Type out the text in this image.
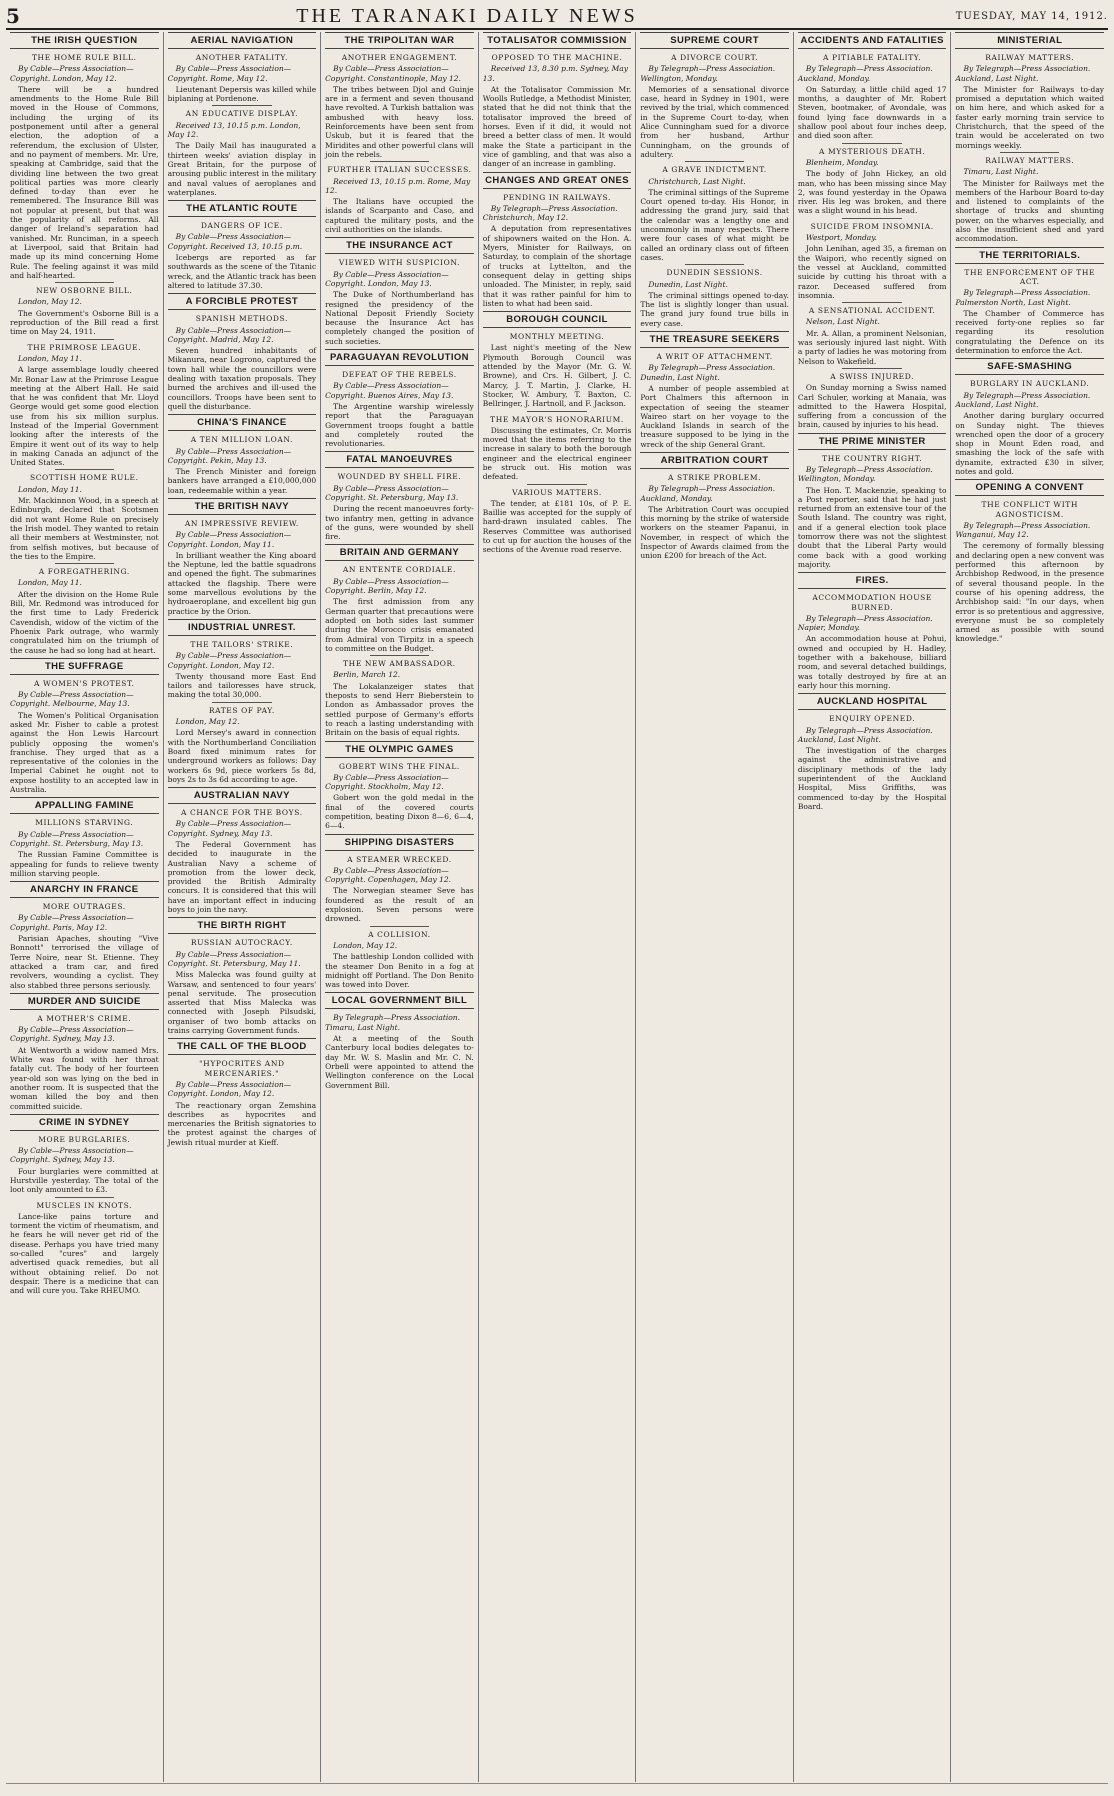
5	THE TARANAKI DAILY NEWS	TUESDAY, MAY 14, 1912.
THE IRISH QUESTION
THE HOME RULE BILL.

By Cable—Press Association—Copyright. London, May 12.

There will be a hundred amendments to the Home Rule Bill moved in the House of Commons, including the urging of its postponement until after a general election, the adoption of a referendum, the exclusion of Ulster, and no payment of members. Mr. Ure, speaking at Cambridge, said that the dividing line between the two great political parties was more clearly defined to-day than ever he remembered. The Insurance Bill was not popular at present, but that was the popularity of all reforms. All danger of Ireland's separation had vanished. Mr. Runciman, in a speech at Liverpool, said that Britain had made up its mind concerning Home Rule. The feeling against it was mild and half-hearted.

NEW OSBORNE BILL.

London, May 12.

The Government's Osborne Bill is a reproduction of the Bill read a first time on May 24, 1911.

THE PRIMROSE LEAGUE.

London, May 11.

A large assemblage loudly cheered Mr. Bonar Law at the Primrose League meeting at the Albert Hall. He said that he was confident that Mr. Lloyd George would get some good election use from his six million surplus. Instead of the Imperial Government looking after the interests of the Empire it went out of its way to help in making Canada an adjunct of the United States.

SCOTTISH HOME RULE.

London, May 11.

Mr. Mackinnon Wood, in a speech at Edinburgh, declared that Scotsmen did not want Home Rule on precisely the Irish model. They wanted to retain all their members at Westminster, not from selfish motives, but because of the ties to the Empire.

A FOREGATHERING.

London, May 11.

After the division on the Home Rule Bill, Mr. Redmond was introduced for the first time to Lady Frederick Cavendish, widow of the victim of the Phoenix Park outrage, who warmly congratulated him on the triumph of the cause he had so long had at heart.

THE SUFFRAGE
A WOMEN'S PROTEST.

By Cable—Press Association—Copyright. Melbourne, May 13.

The Women's Political Organisation asked Mr. Fisher to cable a protest against the Hon Lewis Harcourt publicly opposing the women's franchise. They urged that as a representative of the colonies in the Imperial Cabinet he ought not to expose hostility to an accepted law in Australia.

APPALLING FAMINE
MILLIONS STARVING.

By Cable—Press Association—Copyright. St. Petersburg, May 13.

The Russian Famine Committee is appealing for funds to relieve twenty million starving people.

ANARCHY IN FRANCE
MORE OUTRAGES.

By Cable—Press Association—Copyright. Paris, May 12.

Parisian Apaches, shouting "Vive Bonnott" terrorised the village of Terre Noire, near St. Etienne. They attacked a tram car, and fired revolvers, wounding a cyclist. They also stabbed three persons seriously.

MURDER AND SUICIDE
A MOTHER'S CRIME.

By Cable—Press Association—Copyright. Sydney, May 13.

At Wentworth a widow named Mrs. White was found with her throat fatally cut. The body of her fourteen year-old son was lying on the bed in another room. It is suspected that the woman killed the boy and then committed suicide.

CRIME IN SYDNEY
MORE BURGLARIES.

By Cable—Press Association—Copyright. Sydney, May 13.

Four burglaries were committed at Hurstville yesterday. The total of the loot only amounted to £3.

MUSCLES IN KNOTS.

Lance-like pains torture and torment the victim of rheumatism, and he fears he will never get rid of the disease. Perhaps you have tried many so-called "cures" and largely advertised quack remedies, but all without obtaining relief. Do not despair. There is a medicine that can and will cure you. Take RHEUMO.

AERIAL NAVIGATION
ANOTHER FATALITY.

By Cable—Press Association—Copyright. Rome, May 12.

Lieutenant Depersis was killed while biplaning at Pordenone.

AN EDUCATIVE DISPLAY.

Received 13, 10.15 p.m. London, May 12.

The Daily Mail has inaugurated a thirteen weeks' aviation display in Great Britain, for the purpose of arousing public interest in the military and naval values of aeroplanes and waterplanes.

THE ATLANTIC ROUTE
DANGERS OF ICE.

By Cable—Press Association—Copyright. Received 13, 10.15 p.m.

Icebergs are reported as far southwards as the scene of the Titanic wreck, and the Atlantic track has been altered to latitude 37.30.

A FORCIBLE PROTEST
SPANISH METHODS.

By Cable—Press Association—Copyright. Madrid, May 12.

Seven hundred inhabitants of Mikanura, near Logrono, captured the town hall while the councillors were dealing with taxation proposals. They burned the archives and ill-used the councillors. Troops have been sent to quell the disturbance.

CHINA'S FINANCE
A TEN MILLION LOAN.

By Cable—Press Association—Copyright. Pekin, May 13.

The French Minister and foreign bankers have arranged a £10,000,000 loan, redeemable within a year.

THE BRITISH NAVY
AN IMPRESSIVE REVIEW.

By Cable—Press Association—Copyright. London, May 11.

In brilliant weather the King aboard the Neptune, led the battle squadrons and opened the fight. The submarines attacked the flagship. There were some marvellous evolutions by the hydroaeroplane, and excellent big gun practice by the Orion.

INDUSTRIAL UNREST.
THE TAILORS' STRIKE.

By Cable—Press Association—Copyright. London, May 12.

Twenty thousand more East End tailors and tailoresses have struck, making the total 30,000.

RATES OF PAY.

London, May 12.

Lord Mersey's award in connection with the Northumberland Conciliation Board fixed minimum rates for underground workers as follows: Day workers 6s 9d, piece workers 5s 8d, boys 2s to 3s 6d according to age.

AUSTRALIAN NAVY
A CHANCE FOR THE BOYS.

By Cable—Press Association—Copyright. Sydney, May 13.

The Federal Government has decided to inaugurate in the Australian Navy a scheme of promotion from the lower deck, provided the British Admiralty concurs. It is considered that this will have an important effect in inducing boys to join the navy.

THE BIRTH RIGHT
RUSSIAN AUTOCRACY.

By Cable—Press Association—Copyright. St. Petersburg, May 11.

Miss Malecka was found guilty at Warsaw, and sentenced to four years' penal servitude. The prosecution asserted that Miss Malecka was connected with Joseph Pilsudski, organiser of two bomb attacks on trains carrying Government funds.

THE CALL OF THE BLOOD
"HYPOCRITES AND MERCENARIES."

By Cable—Press Association—Copyright. London, May 12.

The reactionary organ Zemshina describes as hypocrites and mercenaries the British signatories to the protest against the charges of Jewish ritual murder at Kieff.

THE TRIPOLITAN WAR
ANOTHER ENGAGEMENT.

By Cable—Press Association—Copyright. Constantinople, May 12.

The tribes between Djol and Guinje are in a ferment and seven thousand have revolted. A Turkish battalion was ambushed with heavy loss. Reinforcements have been sent from Uskub, but it is feared that the Miridites and other powerful clans will join the rebels.

FURTHER ITALIAN SUCCESSES.

Received 13, 10.15 p.m. Rome, May 12.

The Italians have occupied the islands of Scarpanto and Caso, and captured the military posts, and the civil authorities on the islands.

THE INSURANCE ACT
VIEWED WITH SUSPICION.

By Cable—Press Association—Copyright. London, May 13.

The Duke of Northumberland has resigned the presidency of the National Deposit Friendly Society because the Insurance Act has completely changed the position of such societies.

PARAGUAYAN REVOLUTION
DEFEAT OF THE REBELS.

By Cable—Press Association—Copyright. Buenos Aires, May 13.

The Argentine warship wirelessly report that the Paraguayan Government troops fought a battle and completely routed the revolutionaries.

FATAL MANOEUVRES
WOUNDED BY SHELL FIRE.

By Cable—Press Association—Copyright. St. Petersburg, May 13.

During the recent manoeuvres forty-two infantry men, getting in advance of the guns, were wounded by shell fire.

BRITAIN AND GERMANY
AN ENTENTE CORDIALE.

By Cable—Press Association—Copyright. Berlin, May 12.

The first admission from any German quarter that precautions were adopted on both sides last summer during the Morocco crisis emanated from Admiral von Tirpitz in a speech to committee on the Budget.

THE NEW AMBASSADOR.

Berlin, March 12.

The Lokalanzeiger states that theposts to send Herr Bieberstein to London as Ambassador proves the settled purpose of Germany's efforts to reach a lasting understanding with Britain on the basis of equal rights.

THE OLYMPIC GAMES
GOBERT WINS THE FINAL.

By Cable—Press Association—Copyright. Stockholm, May 12.

Gobert won the gold medal in the final of the covered courts competition, beating Dixon 8—6, 6—4, 6—4.

SHIPPING DISASTERS
A STEAMER WRECKED.

By Cable—Press Association—Copyright. Copenhagen, May 12.

The Norwegian steamer Seve has foundered as the result of an explosion. Seven persons were drowned.

A COLLISION.

London, May 12.

The battleship London collided with the steamer Don Benito in a fog at midnight off Portland. The Don Benito was towed into Dover.

LOCAL GOVERNMENT BILL

By Telegraph—Press Association. Timaru, Last Night.

At a meeting of the South Canterbury local bodies delegates to-day Mr. W. S. Maslin and Mr. C. N. Orbell were appointed to attend the Wellington conference on the Local Government Bill.

TOTALISATOR COMMISSION
OPPOSED TO THE MACHINE.

Received 13, 8.30 p.m. Sydney, May 13.

At the Totalisator Commission Mr. Woolls Rutledge, a Methodist Minister, stated that he did not think that the totalisator improved the breed of horses. Even if it did, it would not breed a better class of men. It would make the State a participant in the vice of gambling, and that was also a danger of an increase in gambling.

CHANGES AND GREAT ONES
PENDING IN RAILWAYS.

By Telegraph—Press Association. Christchurch, May 12.

A deputation from representatives of shipowners waited on the Hon. A. Myers, Minister for Railways, on Saturday, to complain of the shortage of trucks at Lyttelton, and the consequent delay in getting ships unloaded. The Minister, in reply, said that it was rather painful for him to listen to what had been said.

BOROUGH COUNCIL
MONTHLY MEETING.

Last night's meeting of the New Plymouth Borough Council was attended by the Mayor (Mr. G. W. Browne), and Crs. H. Gilbert, J. C. Marcy, J. T. Martin, J. Clarke, H. Stocker, W. Ambury, T. Baxton, C. Bellringer, J. Hartnoll, and F. Jackson.

THE MAYOR'S HONORARIUM.

Discussing the estimates, Cr. Morris moved that the items referring to the increase in salary to both the borough engineer and the electrical engineer be struck out. His motion was defeated.

VARIOUS MATTERS.

The tender, at £181 10s, of P. E. Baillie was accepted for the supply of hard-drawn insulated cables. The Reserves Committee was authorised to cut up for auction the houses of the sections of the Avenue road reserve.

SUPREME COURT
A DIVORCE COURT.

By Telegraph—Press Association. Wellington, Monday.

Memories of a sensational divorce case, heard in Sydney in 1901, were revived by the trial, which commenced in the Supreme Court to-day, when Alice Cunningham sued for a divorce from her husband, Arthur Cunningham, on the grounds of adultery.

A GRAVE INDICTMENT.

Christchurch, Last Night.

The criminal sittings of the Supreme Court opened to-day. His Honor, in addressing the grand jury, said that the calendar was a lengthy one and uncommonly in many respects. There were four cases of what might be called an ordinary class out of fifteen cases.

DUNEDIN SESSIONS.

Dunedin, Last Night.

The criminal sittings opened to-day. The list is slightly longer than usual. The grand jury found true bills in every case.

THE TREASURE SEEKERS
A WRIT OF ATTACHMENT.

By Telegraph—Press Association. Dunedin, Last Night.

A number of people assembled at Port Chalmers this afternoon in expectation of seeing the steamer Waireo start on her voyage to the Auckland Islands in search of the treasure supposed to be lying in the wreck of the ship General Grant.

ARBITRATION COURT
A STRIKE PROBLEM.

By Telegraph—Press Association. Auckland, Monday.

The Arbitration Court was occupied this morning by the strike of waterside workers on the steamer Papanui, in November, in respect of which the Inspector of Awards claimed from the union £200 for breach of the Act.

ACCIDENTS AND FATALITIES
A PITIABLE FATALITY.

By Telegraph—Press Association. Auckland, Monday.

On Saturday, a little child aged 17 months, a daughter of Mr. Robert Steven, bootmaker, of Avondale, was found lying face downwards in a shallow pool about four inches deep, and died soon after.

A MYSTERIOUS DEATH.

Blenheim, Monday.

The body of John Hickey, an old man, who has been missing since May 2, was found yesterday in the Opawa river. His leg was broken, and there was a slight wound in his head.

SUICIDE FROM INSOMNIA.

Westport, Monday.

John Lenihan, aged 35, a fireman on the Waipori, who recently signed on the vessel at Auckland, committed suicide by cutting his throat with a razor. Deceased suffered from insomnia.

A SENSATIONAL ACCIDENT.

Nelson, Last Night.

Mr. A. Allan, a prominent Nelsonian, was seriously injured last night. With a party of ladies he was motoring from Nelson to Wakefield.

A SWISS INJURED.

On Sunday morning a Swiss named Carl Schuler, working at Manaia, was admitted to the Hawera Hospital, suffering from a concussion of the brain, caused by injuries to his head.

THE PRIME MINISTER
THE COUNTRY RIGHT.

By Telegraph—Press Association. Wellington, Monday.

The Hon. T. Mackenzie, speaking to a Post reporter, said that he had just returned from an extensive tour of the South Island. The country was right, and if a general election took place tomorrow there was not the slightest doubt that the Liberal Party would come back with a good working majority.

FIRES.
ACCOMMODATION HOUSE BURNED.

By Telegraph—Press Association. Napier, Monday.

An accommodation house at Pohui, owned and occupied by H. Hadley, together with a bakehouse, billiard room, and several detached buildings, was totally destroyed by fire at an early hour this morning.

AUCKLAND HOSPITAL
ENQUIRY OPENED.

By Telegraph—Press Association. Auckland, Last Night.

The investigation of the charges against the administrative and disciplinary methods of the lady superintendent of the Auckland Hospital, Miss Griffiths, was commenced to-day by the Hospital Board.

MINISTERIAL
RAILWAY MATTERS.

By Telegraph—Press Association. Auckland, Last Night.

The Minister for Railways to-day promised a deputation which waited on him here, and which asked for a faster early morning train service to Christchurch, that the speed of the train would be accelerated on two mornings weekly.

RAILWAY MATTERS.

Timaru, Last Night.

The Minister for Railways met the members of the Harbour Board to-day and listened to complaints of the shortage of trucks and shunting power, on the wharves especially, and also the insufficient shed and yard accommodation.

THE TERRITORIALS.
THE ENFORCEMENT OF THE ACT.

By Telegraph—Press Association. Palmerston North, Last Night.

The Chamber of Commerce has received forty-one replies so far regarding its resolution congratulating the Defence on its determination to enforce the Act.

SAFE-SMASHING
BURGLARY IN AUCKLAND.

By Telegraph—Press Association. Auckland, Last Night.

Another daring burglary occurred on Sunday night. The thieves wrenched open the door of a grocery shop in Mount Eden road, and smashing the lock of the safe with dynamite, extracted £30 in silver, notes and gold.

OPENING A CONVENT
THE CONFLICT WITH AGNOSTICISM.

By Telegraph—Press Association. Wanganui, May 12.

The ceremony of formally blessing and declaring open a new convent was performed this afternoon by Archbishop Redwood, in the presence of several thousand people. In the course of his opening address, the Archbishop said: "In our days, when error is so pretentious and aggressive, everyone must be so completely armed as possible with sound knowledge."
